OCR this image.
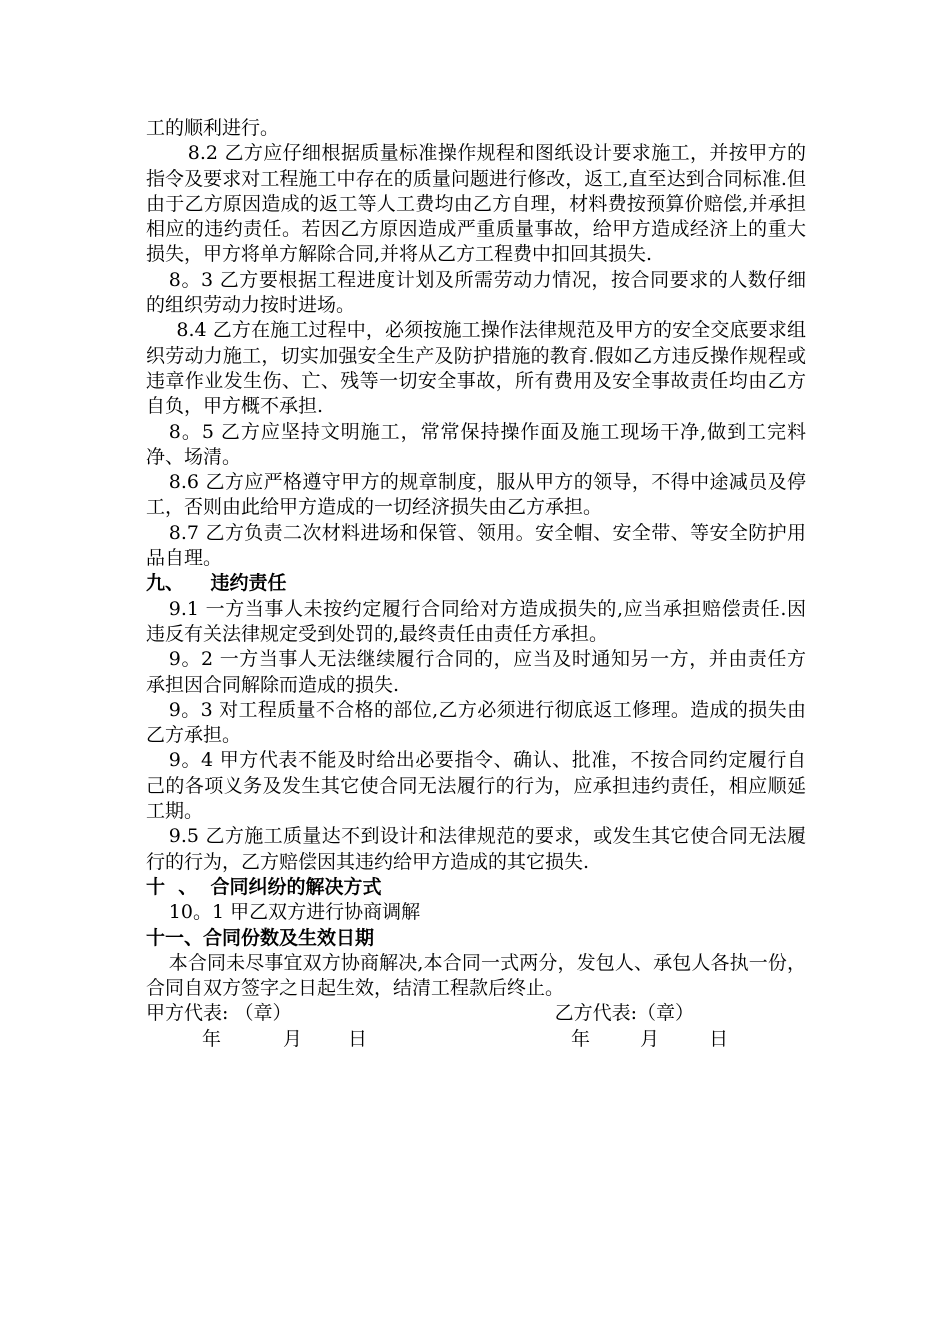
工的顺利进行。

8.2 乙方应仔细根据质量标准操作规程和图纸设计要求施工，并按甲方的指令及要求对工程施工中存在的质量问题进行修改，返工,直至达到合同标准.但由于乙方原因造成的返工等人工费均由乙方自理，材料费按预算价赔偿,并承担相应的违约责任。若因乙方原因造成严重质量事故，给甲方造成经济上的重大损失，甲方将单方解除合同,并将从乙方工程费中扣回其损失.

8。3 乙方要根据工程进度计划及所需劳动力情况，按合同要求的人数仔细的组织劳动力按时进场。

8.4 乙方在施工过程中，必须按施工操作法律规范及甲方的安全交底要求组织劳动力施工，切实加强安全生产及防护措施的教育.假如乙方违反操作规程或违章作业发生伤、亡、残等一切安全事故，所有费用及安全事故责任均由乙方自负，甲方概不承担.

8。5 乙方应坚持文明施工，常常保持操作面及施工现场干净,做到工完料净、场清。

8.6 乙方应严格遵守甲方的规章制度，服从甲方的领导，不得中途减员及停工，否则由此给甲方造成的一切经济损失由乙方承担。

8.7 乙方负责二次材料进场和保管、领用。安全帽、安全带、等安全防护用品自理。

九、    违约责任

9.1 一方当事人未按约定履行合同给对方造成损失的,应当承担赔偿责任.因违反有关法律规定受到处罚的,最终责任由责任方承担。

9。2 一方当事人无法继续履行合同的，应当及时通知另一方，并由责任方承担因合同解除而造成的损失.

9。3 对工程质量不合格的部位,乙方必须进行彻底返工修理。造成的损失由乙方承担。

9。4 甲方代表不能及时给出必要指令、确认、批准，不按合同约定履行自己的各项义务及发生其它使合同无法履行的行为，应承担违约责任，相应顺延工期。

9.5 乙方施工质量达不到设计和法律规范的要求，或发生其它使合同无法履行的行为，乙方赔偿因其违约给甲方造成的其它损失.

十  、  合同纠纷的解决方式

10。1 甲乙双方进行协商调解

十一、合同份数及生效日期

本合同未尽事宜双方协商解决,本合同一式两分，发包人、承包人各执一份，合同自双方签字之日起生效，结清工程款后终止。

甲方代表: （章）	乙方代表:（章）
年	月 日	年	月	日
